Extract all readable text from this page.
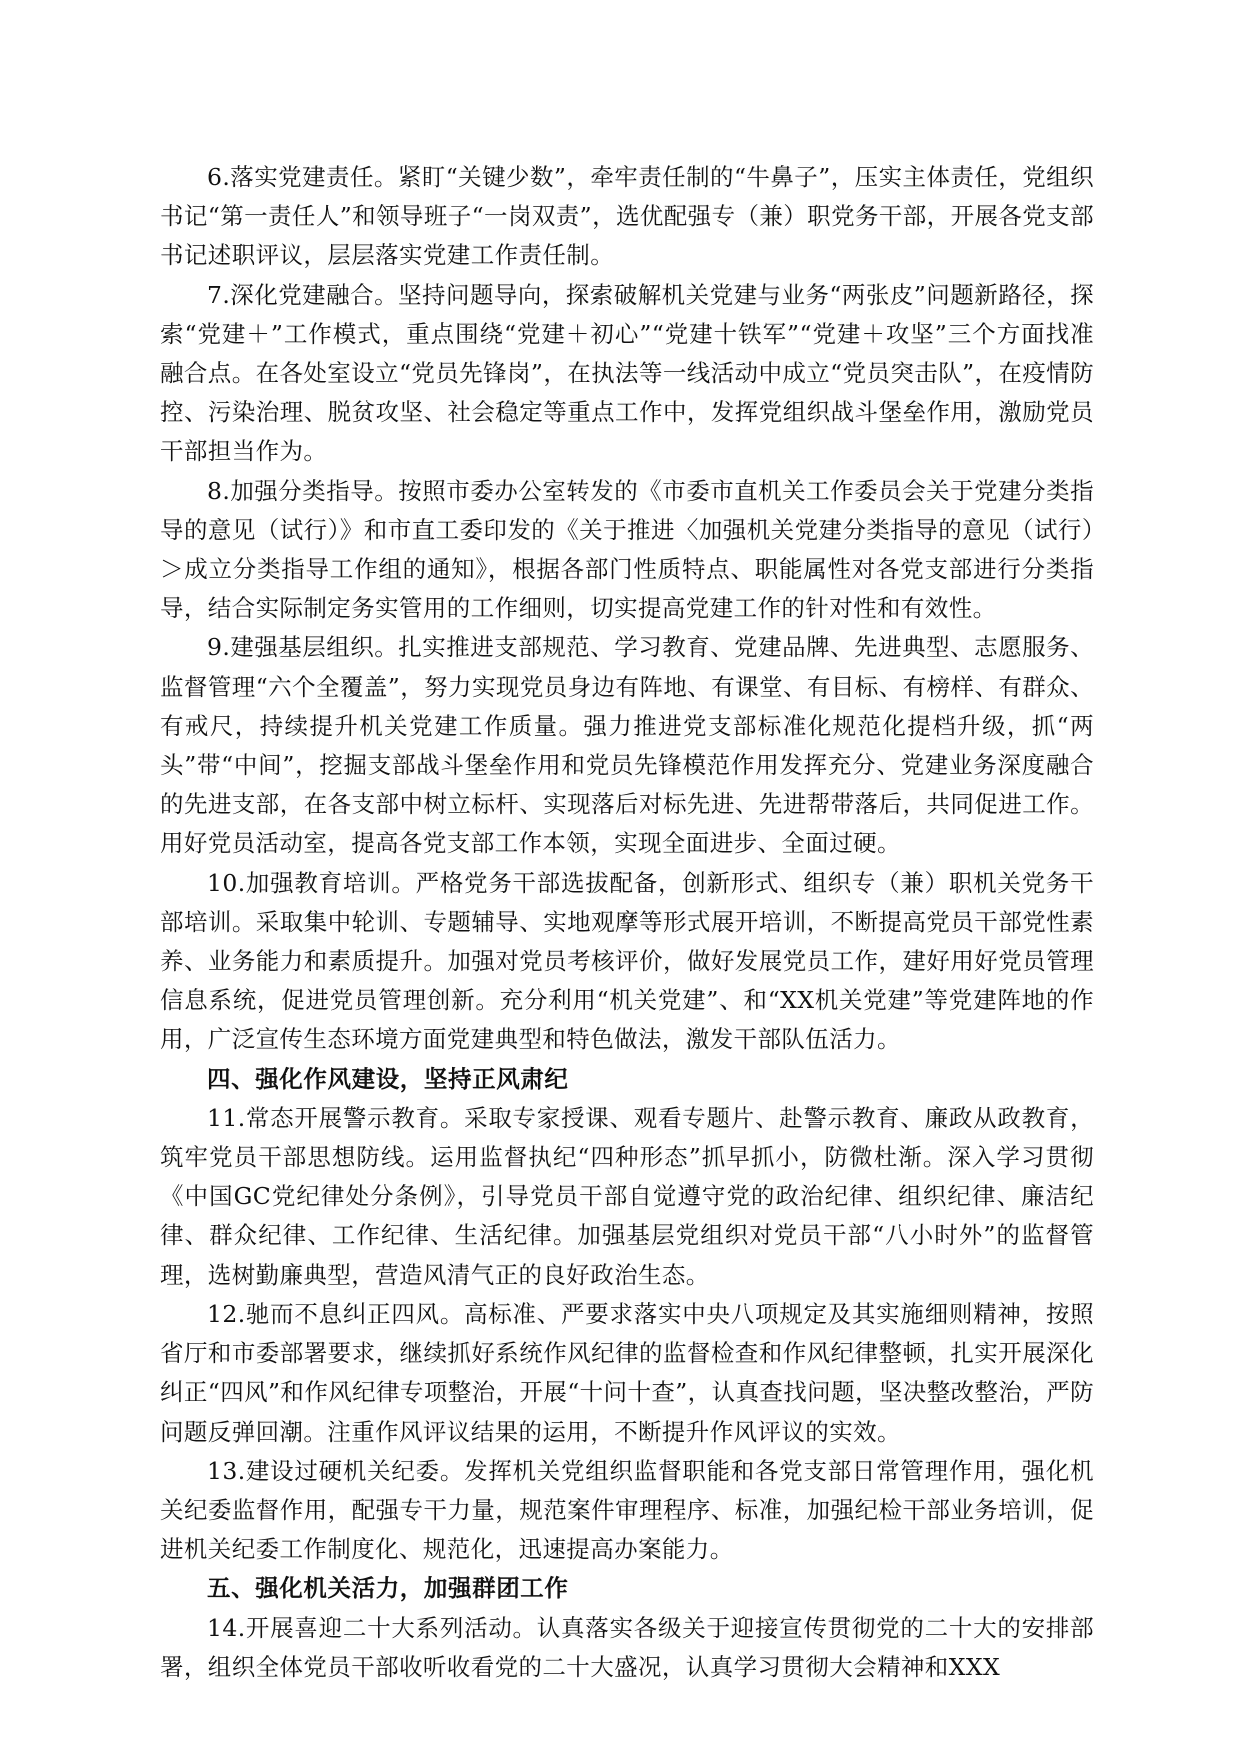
6.落实党建责任。紧盯“关键少数”，牵牢责任制的“牛鼻子”，压实主体责任，党组织书记“第一责任人”和领导班子“一岗双责”，选优配强专（兼）职党务干部，开展各党支部书记述职评议，层层落实党建工作责任制。

7.深化党建融合。坚持问题导向，探索破解机关党建与业务“两张皮”问题新路径，探索“党建＋”工作模式，重点围绕“党建＋初心”“党建十铁军”“党建＋攻坚”三个方面找准融合点。在各处室设立“党员先锋岗”，在执法等一线活动中成立“党员突击队”，在疫情防控、污染治理、脱贫攻坚、社会稳定等重点工作中，发挥党组织战斗堡垒作用，激励党员干部担当作为。

8.加强分类指导。按照市委办公室转发的《市委市直机关工作委员会关于党建分类指导的意见（试行）》和市直工委印发的《关于推进〈加强机关党建分类指导的意见（试行）＞成立分类指导工作组的通知》，根据各部门性质特点、职能属性对各党支部进行分类指导，结合实际制定务实管用的工作细则，切实提高党建工作的针对性和有效性。

9.建强基层组织。扎实推进支部规范、学习教育、党建品牌、先进典型、志愿服务、监督管理“六个全覆盖”，努力实现党员身边有阵地、有课堂、有目标、有榜样、有群众、有戒尺，持续提升机关党建工作质量。强力推进党支部标准化规范化提档升级，抓“两头”带“中间”，挖掘支部战斗堡垒作用和党员先锋模范作用发挥充分、党建业务深度融合的先进支部，在各支部中树立标杆、实现落后对标先进、先进帮带落后，共同促进工作。用好党员活动室，提高各党支部工作本领，实现全面进步、全面过硬。

10.加强教育培训。严格党务干部选拔配备，创新形式、组织专（兼）职机关党务干部培训。采取集中轮训、专题辅导、实地观摩等形式展开培训，不断提高党员干部党性素养、业务能力和素质提升。加强对党员考核评价，做好发展党员工作，建好用好党员管理信息系统，促进党员管理创新。充分利用“机关党建”、和“XX机关党建”等党建阵地的作用，广泛宣传生态环境方面党建典型和特色做法，激发干部队伍活力。

四、强化作风建设，坚持正风肃纪

11.常态开展警示教育。采取专家授课、观看专题片、赴警示教育、廉政从政教育，筑牢党员干部思想防线。运用监督执纪“四种形态”抓早抓小，防微杜渐。深入学习贯彻《中国GC党纪律处分条例》，引导党员干部自觉遵守党的政治纪律、组织纪律、廉洁纪律、群众纪律、工作纪律、生活纪律。加强基层党组织对党员干部“八小时外”的监督管理，选树勤廉典型，营造风清气正的良好政治生态。

12.驰而不息纠正四风。高标准、严要求落实中央八项规定及其实施细则精神，按照省厅和市委部署要求，继续抓好系统作风纪律的监督检查和作风纪律整顿，扎实开展深化纠正“四风”和作风纪律专项整治，开展“十问十查”，认真查找问题，坚决整改整治，严防问题反弹回潮。注重作风评议结果的运用，不断提升作风评议的实效。

13.建设过硬机关纪委。发挥机关党组织监督职能和各党支部日常管理作用，强化机关纪委监督作用，配强专干力量，规范案件审理程序、标准，加强纪检干部业务培训，促进机关纪委工作制度化、规范化，迅速提高办案能力。

五、强化机关活力，加强群团工作

14.开展喜迎二十大系列活动。认真落实各级关于迎接宣传贯彻党的二十大的安排部署，组织全体党员干部收听收看党的二十大盛况，认真学习贯彻大会精神和XXX
